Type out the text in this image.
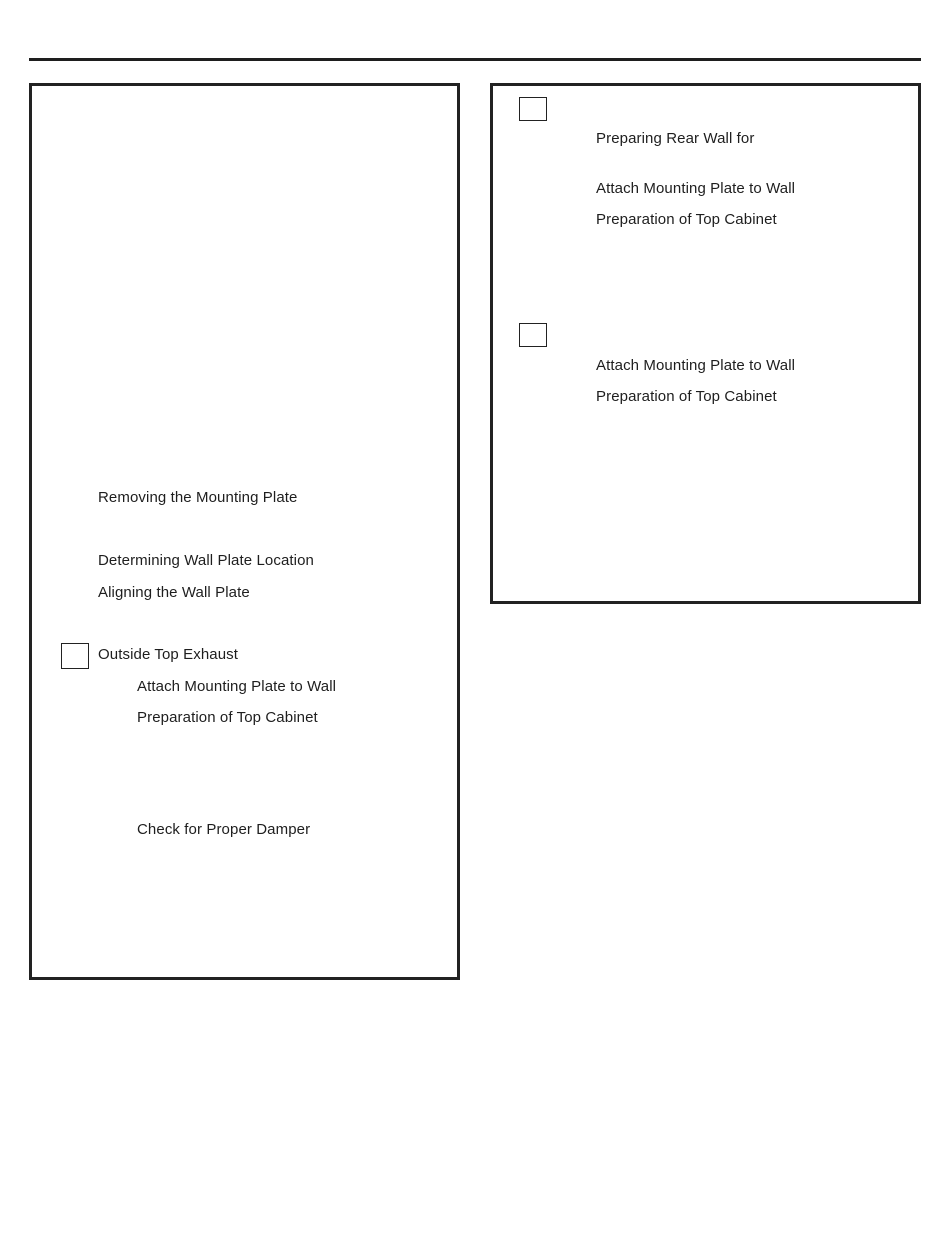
Removing the Mounting Plate
Determining Wall Plate Location
Aligning the Wall Plate
Outside Top Exhaust
Attach Mounting Plate to Wall
Preparation of Top Cabinet
Check for Proper Damper
Preparing Rear Wall for
Attach Mounting Plate to Wall
Preparation of Top Cabinet
Attach Mounting Plate to Wall
Preparation of Top Cabinet
